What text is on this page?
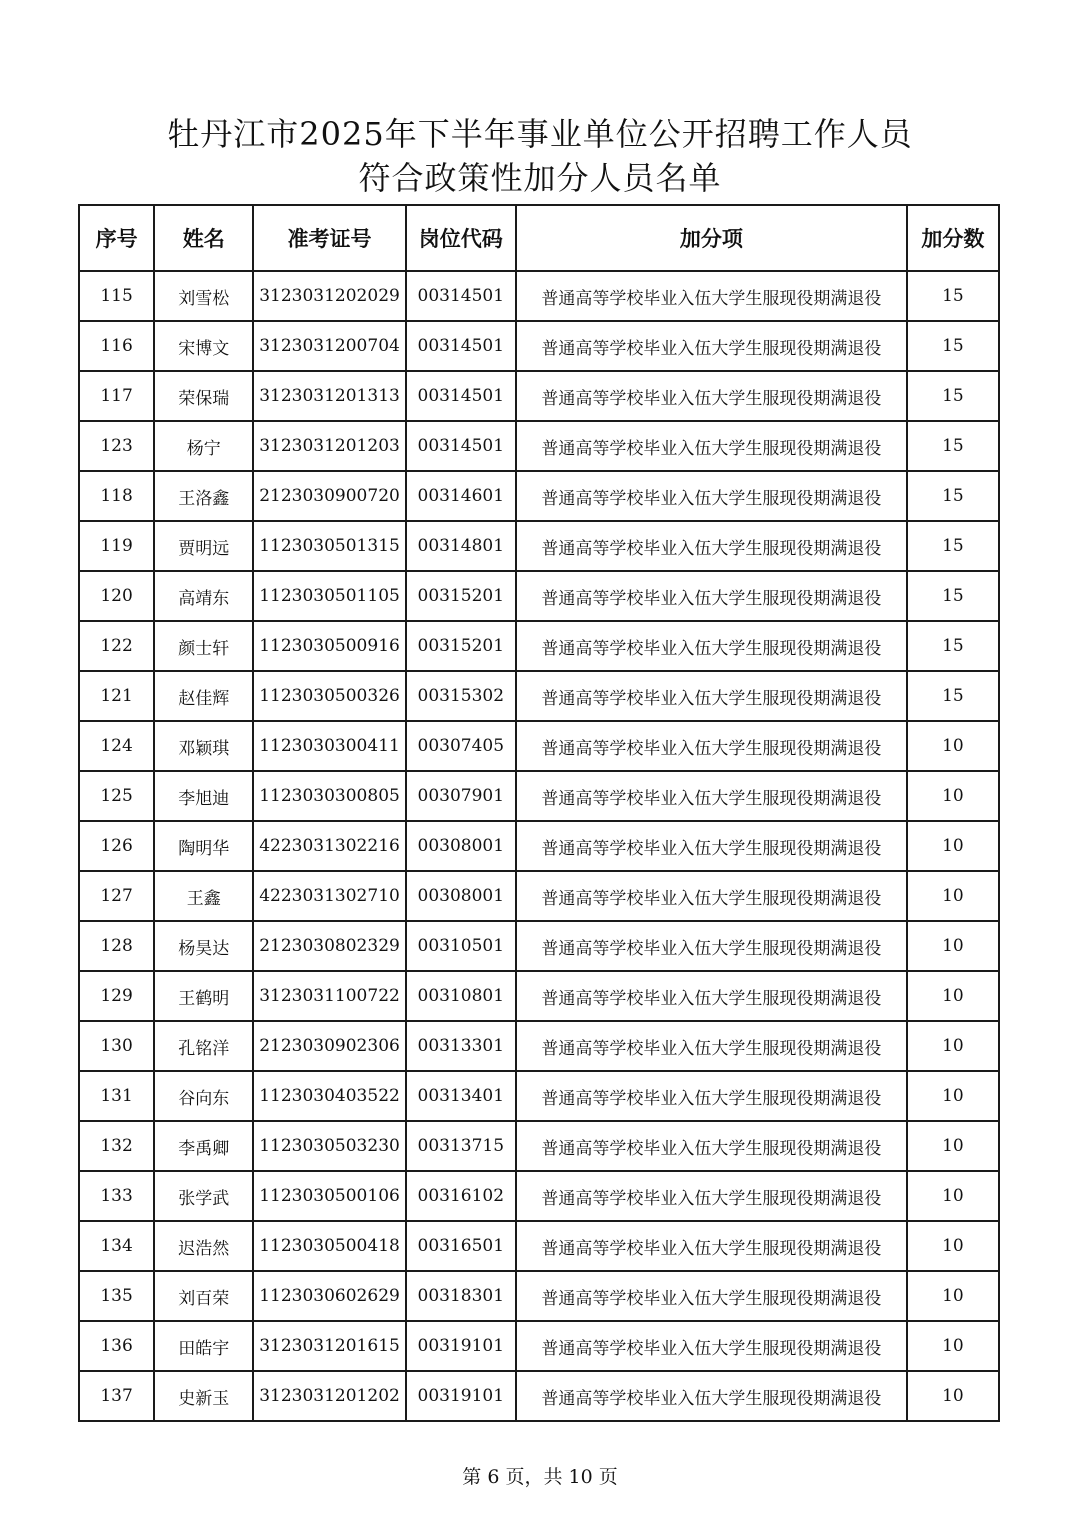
牡丹江市2025年下半年事业单位公开招聘工作人员
符合政策性加分人员名单
序号	姓名	准考证号	岗位代码	加分项	加分数
115	刘雪松	3123031202029	00314501	普通高等学校毕业入伍大学生服现役期满退役	15
116	宋博文	3123031200704	00314501	普通高等学校毕业入伍大学生服现役期满退役	15
117	荣保瑞	3123031201313	00314501	普通高等学校毕业入伍大学生服现役期满退役	15
123	杨宁	3123031201203	00314501	普通高等学校毕业入伍大学生服现役期满退役	15
118	王洛鑫	2123030900720	00314601	普通高等学校毕业入伍大学生服现役期满退役	15
119	贾明远	1123030501315	00314801	普通高等学校毕业入伍大学生服现役期满退役	15
120	高靖东	1123030501105	00315201	普通高等学校毕业入伍大学生服现役期满退役	15
122	颜士轩	1123030500916	00315201	普通高等学校毕业入伍大学生服现役期满退役	15
121	赵佳辉	1123030500326	00315302	普通高等学校毕业入伍大学生服现役期满退役	15
124	邓颖琪	1123030300411	00307405	普通高等学校毕业入伍大学生服现役期满退役	10
125	李旭迪	1123030300805	00307901	普通高等学校毕业入伍大学生服现役期满退役	10
126	陶明华	4223031302216	00308001	普通高等学校毕业入伍大学生服现役期满退役	10
127	王鑫	4223031302710	00308001	普通高等学校毕业入伍大学生服现役期满退役	10
128	杨昊达	2123030802329	00310501	普通高等学校毕业入伍大学生服现役期满退役	10
129	王鹤明	3123031100722	00310801	普通高等学校毕业入伍大学生服现役期满退役	10
130	孔铭洋	2123030902306	00313301	普通高等学校毕业入伍大学生服现役期满退役	10
131	谷向东	1123030403522	00313401	普通高等学校毕业入伍大学生服现役期满退役	10
132	李禹卿	1123030503230	00313715	普通高等学校毕业入伍大学生服现役期满退役	10
133	张学武	1123030500106	00316102	普通高等学校毕业入伍大学生服现役期满退役	10
134	迟浩然	1123030500418	00316501	普通高等学校毕业入伍大学生服现役期满退役	10
135	刘百荣	1123030602629	00318301	普通高等学校毕业入伍大学生服现役期满退役	10
136	田皓宇	3123031201615	00319101	普通高等学校毕业入伍大学生服现役期满退役	10
137	史新玉	3123031201202	00319101	普通高等学校毕业入伍大学生服现役期满退役	10
第 6 页，共 10 页
